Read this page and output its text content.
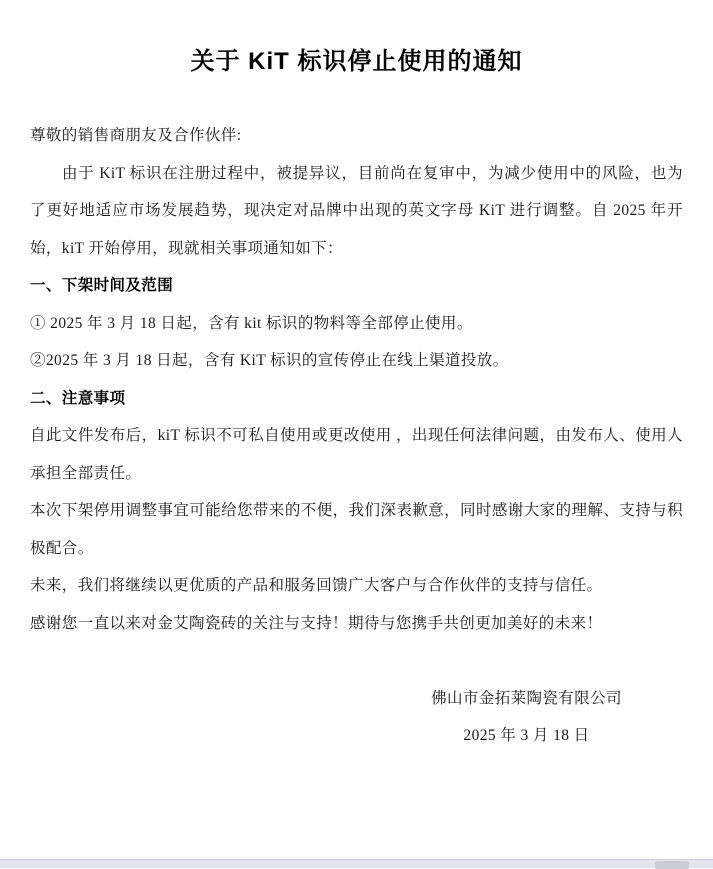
关于 KiT 标识停止使用的通知

尊敬的销售商朋友及合作伙伴:

由于 KiT 标识在注册过程中，被提异议，目前尚在复审中，为减少使用中的风险，也为了更好地适应市场发展趋势，现决定对品牌中出现的英文字母 KiT 进行调整。自 2025 年开始，kiT 开始停用，现就相关事项通知如下：

一、下架时间及范围

① 2025 年 3 月 18 日起，含有 kit 标识的物料等全部停止使用。

②2025 年 3 月 18 日起，含有 KiT 标识的宣传停止在线上渠道投放。

二、注意事项

自此文件发布后，kiT 标识不可私自使用或更改使用 ，出现任何法律问题，由发布人、使用人承担全部责任。

本次下架停用调整事宜可能给您带来的不便，我们深表歉意，同时感谢大家的理解、支持与积极配合。

未来，我们将继续以更优质的产品和服务回馈广大客户与合作伙伴的支持与信任。

感谢您一直以来对金艾陶瓷砖的关注与支持！期待与您携手共创更加美好的未来！

佛山市金拓莱陶瓷有限公司

2025 年 3 月 18 日
